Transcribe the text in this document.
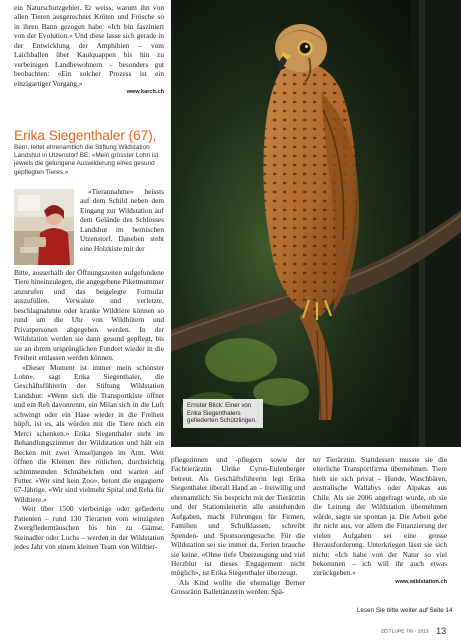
ein Naturschutzgebiet. Er weiss, warum ihn von allen Tieren ausgerechnet Kröten und Frösche so in ihren Bann gezogen habe: «Ich bin fasziniert von der Evolution.» Und diese lasse sich gerade in der Entwicklung der Amphibien – vom Laichballen über Kaulquappen bis hin zu verbeinigen Landbewohnern – besonders gut beobachten: «Ein solcher Prozess ist ein einzigartiger Vorgang.»

www.karch.ch

Erika Siegenthaler (67),

Bern, leitet ehrenamtlich die Stiftung Wildstation Landshut in Utzenstorf BE: «Mein grösster Lohn ist jeweils die gelungene Auswilderung eines gesund gepflegten Tieres.»

«Tierannahme» heissts auf dem Schild neben dem Eingang zur Wildstation auf dem Gelände des Schlosses Landshut im bernischen Utzenstorf. Daneben steht eine Holzkiste mit der

Bitte, ausserhalb der Öffnungszeiten aufgefundene Tiere hineinzulegen, die angegebene Pikettnummer anzurufen und das beigelegte Formular auszufüllen. Verwaiste und verletzte, beschlagnahmte oder kranke Wildtiere können so rund um die Uhr von Wildhütern und Privatpersonen abgegeben werden. In der Wildstation werden sie dann gesund gepflegt, bis sie an ihrem ursprünglichen Fundort wieder in die Freiheit entlassen werden können.

«Dieser Moment ist immer mein schönster Lohn», sagt Erika Siegenthaler, die Geschäftsführerin der Stiftung Wildstation Landshut: «Wenn sich die Transportkiste öffnet und ein Reh davonrennt, ein Milan sich in die Luft schwingt oder ein Hase wieder in die Freiheit hüpft, ist es, als würden mir die Tiere noch ein Merci schenken.» Erika Siegenthaler steht im Behandlungszimmer der Wildstation und hält ein Becken mit zwei Amseljungen im Arm. Weit öffnen die Kleinen ihre rötlichen, durchsichtig schimmernden Schnäbelchen und warten auf Futter. «Wir sind kein Zoo», betont die engagierte 67-Jährige. «Wir sind vielmehr Spital und Reha für Wildtiere.»

Weit über 1500 vierbeinige oder gefiederte Patienten – rund 130 Tierarten vom winzigsten Zwergfledermäuschen bis hin zu Gämse, Steinadler oder Luchs – werden in der Wildstation jedes Jahr von einem kleinen Team von Wildtier-

Ernster Blick: Einer von Erika Siegenthalers gefiederten Schützlingen.

pflegerinnen und -pflegern sowie der Fachtierärztin Ulrike Cyrus-Eulenberger betreut. Als Geschäftsführerin legt Erika Siegenthaler überall Hand an – freiwillig und ehrenamtlich: Sie bespricht mit der Tierärztin und der Stationsleiterin alle anstehenden Aufgaben, macht Führungen für Firmen, Familien und Schulklassen, schreibt Spenden- und Sponsorengesuche. Für die Wildstation sei sie immer da, Ferien brauche sie keine. «Ohne tiefe Überzeugung und viel Herzblut ist dieses Engagement nicht möglich», ist Erika Siegenthaler überzeugt.

Als Kind wollte die ehemalige Berner Grossrätin Ballettänzerin werden. Spä-

ter Tierärztin. Stattdessen musste sie die elterliche Transportfirma übernehmen. Tiere hielt sie sich privat – Hunde, Waschbären, australische Wallabys oder Alpakas aus Chile. Als sie 2006 angefragt wurde, ob sie die Leitung der Wildstation übernehmen würde, sagte sie spontan ja. Die Arbeit gebe ihr nicht aus, vor allem die Finanzierung der vielen Aufgaben sei eine grosse Herausforderung. Unterkriegen lässt sie sich nicht: «Ich habe von der Natur so viel bekommen – ich will ihr auch etwas zurückgeben.»

www.wildstation.ch

Lesen Sie bitte weiter auf Seite 14
ZEITLUPE 7/8 · 2013 13
